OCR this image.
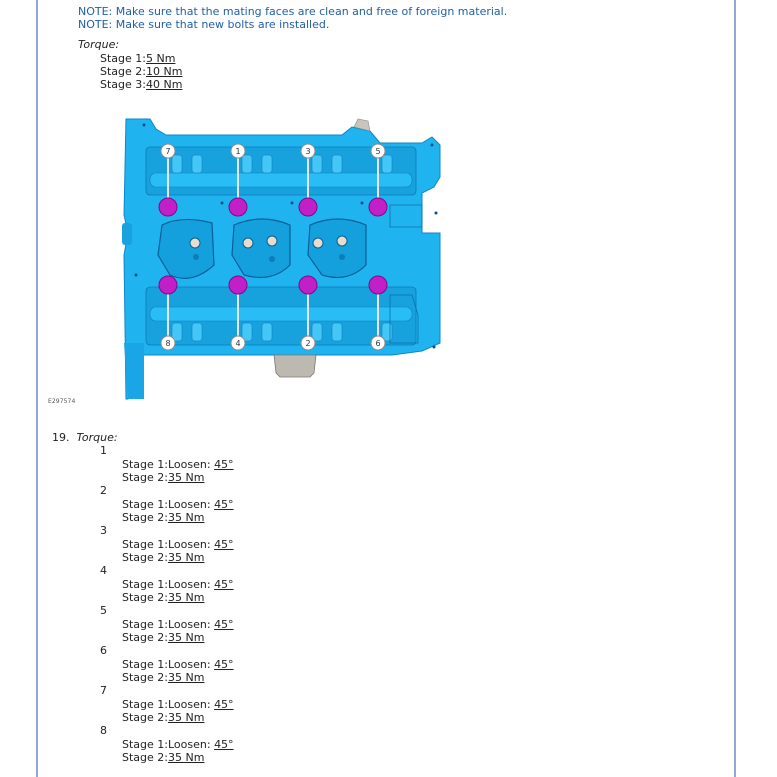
NOTE: Make sure that the mating faces are clean and free of foreign material.
NOTE: Make sure that new bolts are installed.
Torque:
Stage 1:5 Nm
Stage 2:10 Nm
Stage 3:40 Nm
7	1	3	5
8	4	2	6
E297574
19. Torque:
1
Stage 1:Loosen: 45°
Stage 2:35 Nm
2
Stage 1:Loosen: 45°
Stage 2:35 Nm
3
Stage 1:Loosen: 45°
Stage 2:35 Nm
4
Stage 1:Loosen: 45°
Stage 2:35 Nm
5
Stage 1:Loosen: 45°
Stage 2:35 Nm
6
Stage 1:Loosen: 45°
Stage 2:35 Nm
7
Stage 1:Loosen: 45°
Stage 2:35 Nm
8
Stage 1:Loosen: 45°
Stage 2:35 Nm
